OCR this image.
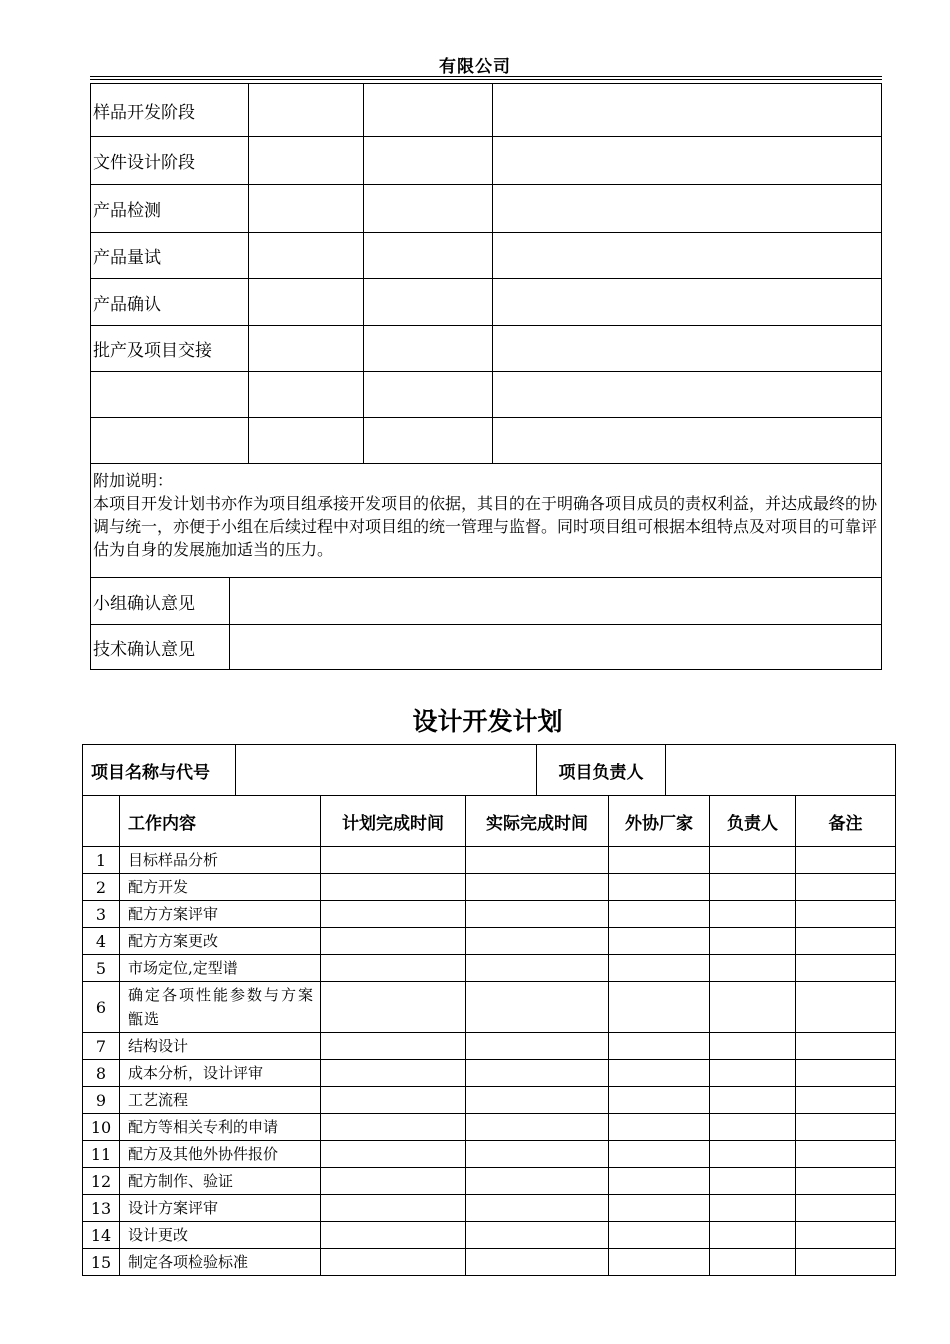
有限公司
样品开发阶段				
文件设计阶段				
产品检测				
产品量试				
产品确认				
批产及项目交接				

附加说明：
本项目开发计划书亦作为项目组承接开发项目的依据，其目的在于明确各项目成员的责权利益，并达成最终的协调与统一，亦便于小组在后续过程中对项目组的统一管理与监督。同时项目组可根据本组特点及对项目的可靠评估为自身的发展施加适当的压力。				

小组确认意见				
技术确认意见				
设计开发计划
项目名称与代号					项目负责人				
	工作内容		计划完成时间	实际完成时间		外协厂家		负责人	备注
1	目标样品分析								
2	配方开发								
3	配方方案评审								
4	配方方案更改								
5	市场定位,定型谱								
6	确定各项性能参数与方案甑选								
7	结构设计								
8	成本分析，设计评审								
9	工艺流程								
10	配方等相关专利的申请								
11	配方及其他外协件报价								
12	配方制作、验证								
13	设计方案评审								
14	设计更改								
15	制定各项检验标准								
